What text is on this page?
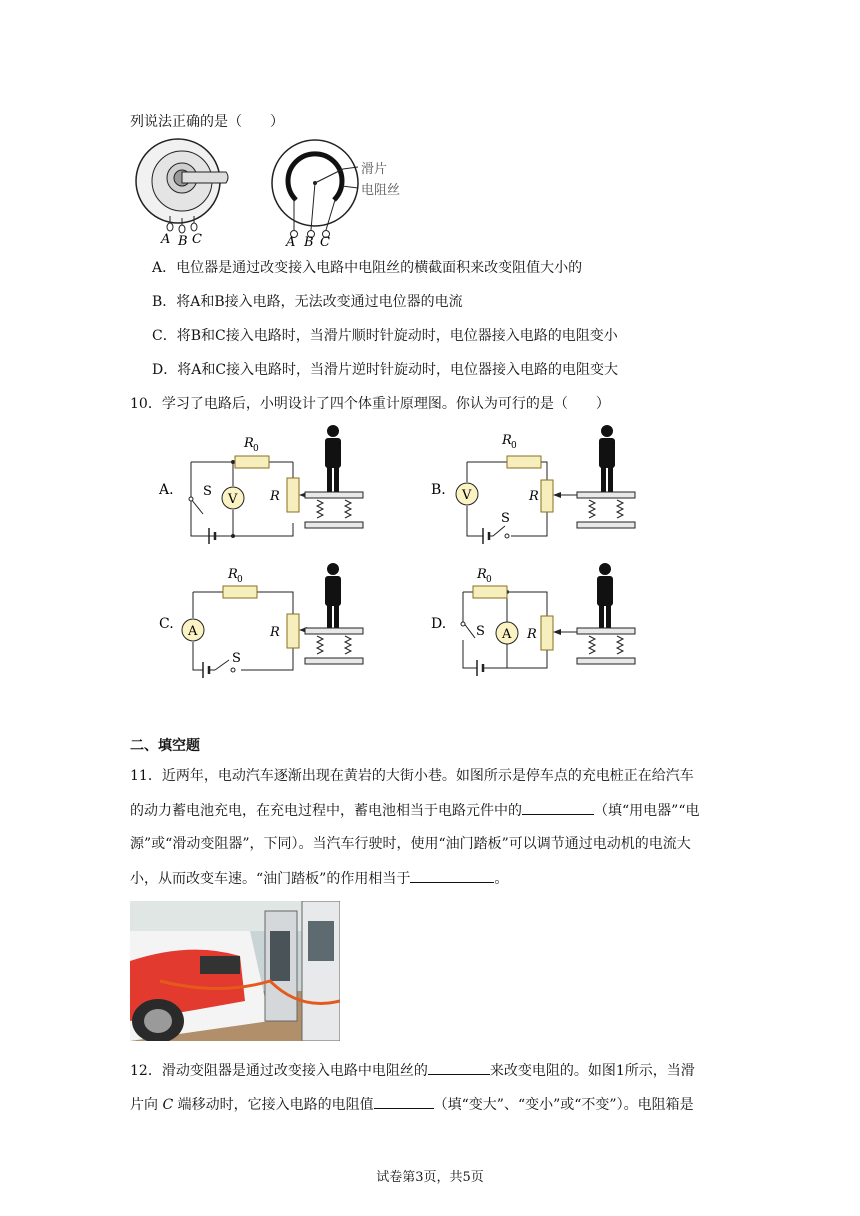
列说法正确的是（　　）
A B C
滑片
电阻丝
A B C
A．电位器是通过改变接入电路中电阻丝的横截面积来改变阻值大小的
B．将A和B接入电路，无法改变通过电位器的电流
C．将B和C接入电路时，当滑片顺时针旋动时，电位器接入电路的电阻变小
D．将A和C接入电路时，当滑片逆时针旋动时，电位器接入电路的电阻变大
10．学习了电路后，小明设计了四个体重计原理图。你认为可行的是（　　）
A.
R 0
V
S	R	B.
R 0
V
S
R
C.
R 0
A
S
R
D.
R 0
A
S	R
二、填空题
11．近两年，电动汽车逐渐出现在黄岩的大街小巷。如图所示是停车点的充电桩正在给汽车
的动力蓄电池充电，在充电过程中，蓄电池相当于电路元件中的	（填“用电器”“电
源”或“滑动变阻器”，下同）。当汽车行驶时，使用“油门踏板”可以调节通过电动机的电流大
小，从而改变车速。“油门踏板”的作用相当于	。
12．滑动变阻器是通过改变接入电路中电阻丝的	来改变电阻的。如图1所示，当滑
片向 C 端移动时，它接入电路的电阻值	（填“变大”、“变小”或“不变”）。电阻箱是
试卷第3页，共5页
